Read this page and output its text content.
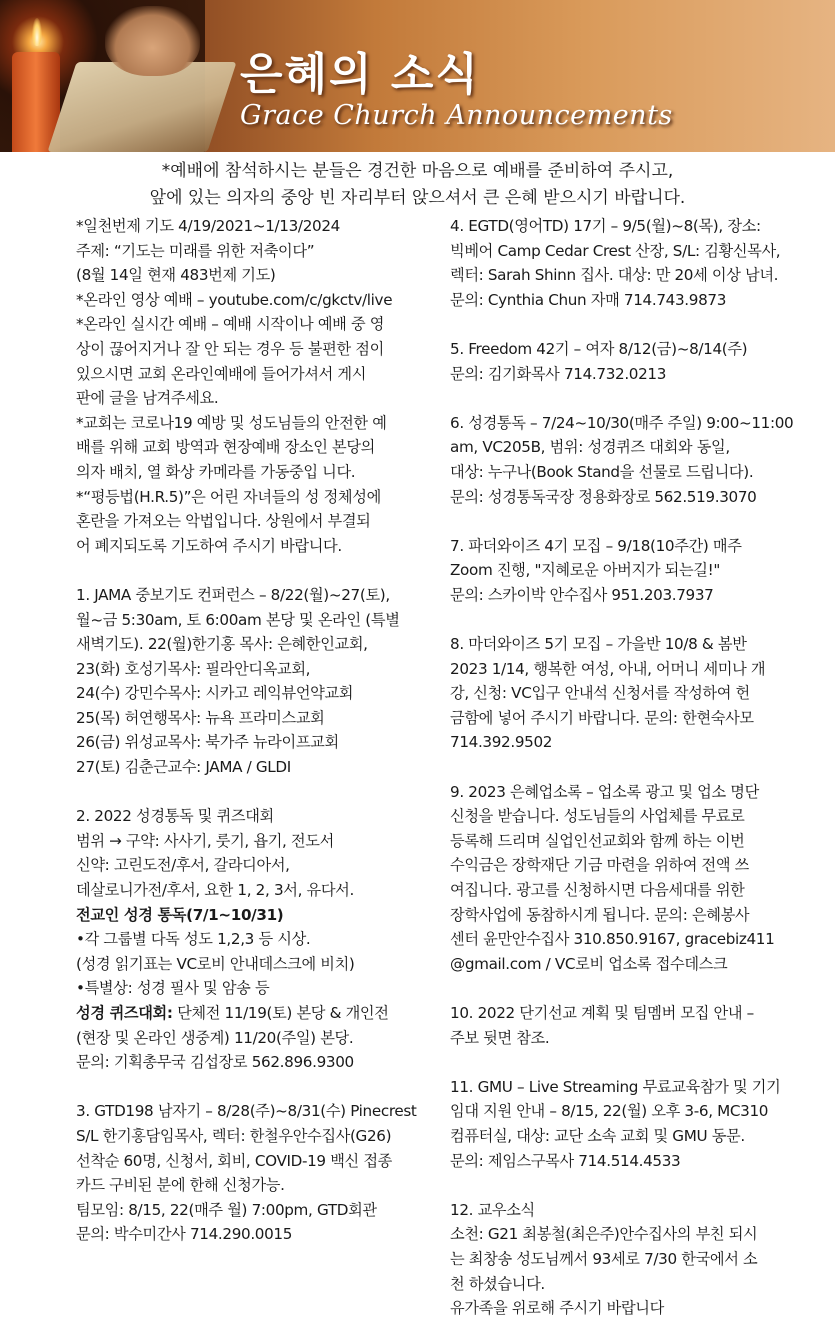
은혜의 소식
Grace Church Announcements
*예배에 참석하시는 분들은 경건한 마음으로 예배를 준비하여 주시고,
앞에 있는 의자의 중앙 빈 자리부터 앉으셔서 큰 은혜 받으시기 바랍니다.

*일천번제 기도 4/19/2021~1/13/2024

주제: “기도는 미래를 위한 저축이다”

(8월 14일 현재 483번제 기도)

*온라인 영상 예배 – youtube.com/c/gkctv/live

*온라인 실시간 예배 – 예배 시작이나 예배 중 영

상이 끊어지거나 잘 안 되는 경우 등 불편한 점이

있으시면 교회 온라인예배에 들어가셔서 게시

판에 글을 남겨주세요.

*교회는 코로나19 예방 및 성도님들의 안전한 예

배를 위해 교회 방역과 현장예배 장소인 본당의

의자 배치, 열 화상 카메라를 가동중입 니다.

*“평등법(H.R.5)”은 어린 자녀들의 성 정체성에

혼란을 가져오는 악법입니다. 상원에서 부결되

어 폐지되도록 기도하여 주시기 바랍니다.

1. JAMA 중보기도 컨퍼런스 – 8/22(월)~27(토),

월~금 5:30am, 토 6:00am 본당 및 온라인 (특별

새벽기도). 22(월)한기홍 목사: 은혜한인교회,

23(화) 호성기목사: 필라안디옥교회,

24(수) 강민수목사: 시카고 레익뷰언약교회

25(목) 허연행목사: 뉴욕 프라미스교회

26(금) 위성교목사: 북가주 뉴라이프교회

27(토) 김춘근교수: JAMA / GLDI

2. 2022 성경통독 및 퀴즈대회

범위 → 구약: 사사기, 룻기, 욥기, 전도서

신약: 고린도전/후서, 갈라디아서,

데살로니가전/후서, 요한 1, 2, 3서, 유다서.

전교인 성경 통독(7/1~10/31)

•각 그룹별 다독 성도 1,2,3 등 시상.

(성경 읽기표는 VC로비 안내데스크에 비치)

•특별상: 성경 필사 및 암송 등

성경 퀴즈대회: 단체전 11/19(토) 본당 & 개인전

(현장 및 온라인 생중계) 11/20(주일) 본당.

문의: 기획총무국 김섭장로 562.896.9300

3. GTD198 남자기 – 8/28(주)~8/31(수) Pinecrest

S/L 한기홍담임목사, 렉터: 한철우안수집사(G26)

선착순 60명, 신청서, 회비, COVID-19 백신 접종

카드 구비된 분에 한해 신청가능.

팀모임: 8/15, 22(매주 월) 7:00pm, GTD회관

문의: 박수미간사 714.290.0015

4. EGTD(영어TD) 17기 – 9/5(월)~8(목), 장소:

빅베어 Camp Cedar Crest 산장, S/L: 김황신목사,

렉터: Sarah Shinn 집사. 대상: 만 20세 이상 남녀.

문의: Cynthia Chun 자매 714.743.9873

5. Freedom 42기 – 여자 8/12(금)~8/14(주)

문의: 김기화목사 714.732.0213

6. 성경통독 – 7/24~10/30(매주 주일) 9:00~11:00

am, VC205B, 범위: 성경퀴즈 대회와 동일,

대상: 누구나(Book Stand을 선물로 드립니다).

문의: 성경통독국장 정용화장로 562.519.3070

7. 파더와이즈 4기 모집 – 9/18(10주간) 매주

Zoom 진행, "지혜로운 아버지가 되는길!"

문의: 스카이박 안수집사 951.203.7937

8. 마더와이즈 5기 모집 – 가을반 10/8 & 봄반

2023 1/14, 행복한 여성, 아내, 어머니 세미나 개

강, 신청: VC입구 안내석 신청서를 작성하여 헌

금함에 넣어 주시기 바랍니다. 문의: 한현숙사모

714.392.9502

9. 2023 은혜업소록 – 업소록 광고 및 업소 명단

신청을 받습니다. 성도님들의 사업체를 무료로

등록해 드리며 실업인선교회와 함께 하는 이번

수익금은 장학재단 기금 마련을 위하여 전액 쓰

여집니다. 광고를 신청하시면 다음세대를 위한

장학사업에 동참하시게 됩니다. 문의: 은혜봉사

센터 윤만안수집사 310.850.9167, gracebiz411

@gmail.com / VC로비 업소록 접수데스크

10. 2022 단기선교 계획 및 팀멤버 모집 안내 –

주보 뒷면 참조.

11. GMU – Live Streaming 무료교육참가 및 기기

임대 지원 안내 – 8/15, 22(월) 오후 3-6, MC310

컴퓨터실, 대상: 교단 소속 교회 및 GMU 동문.

문의: 제임스구목사 714.514.4533

12. 교우소식

소천: G21 최봉철(최은주)안수집사의 부친 되시

는 최창송 성도님께서 93세로 7/30 한국에서 소

천 하셨습니다.

유가족을 위로해 주시기 바랍니다
